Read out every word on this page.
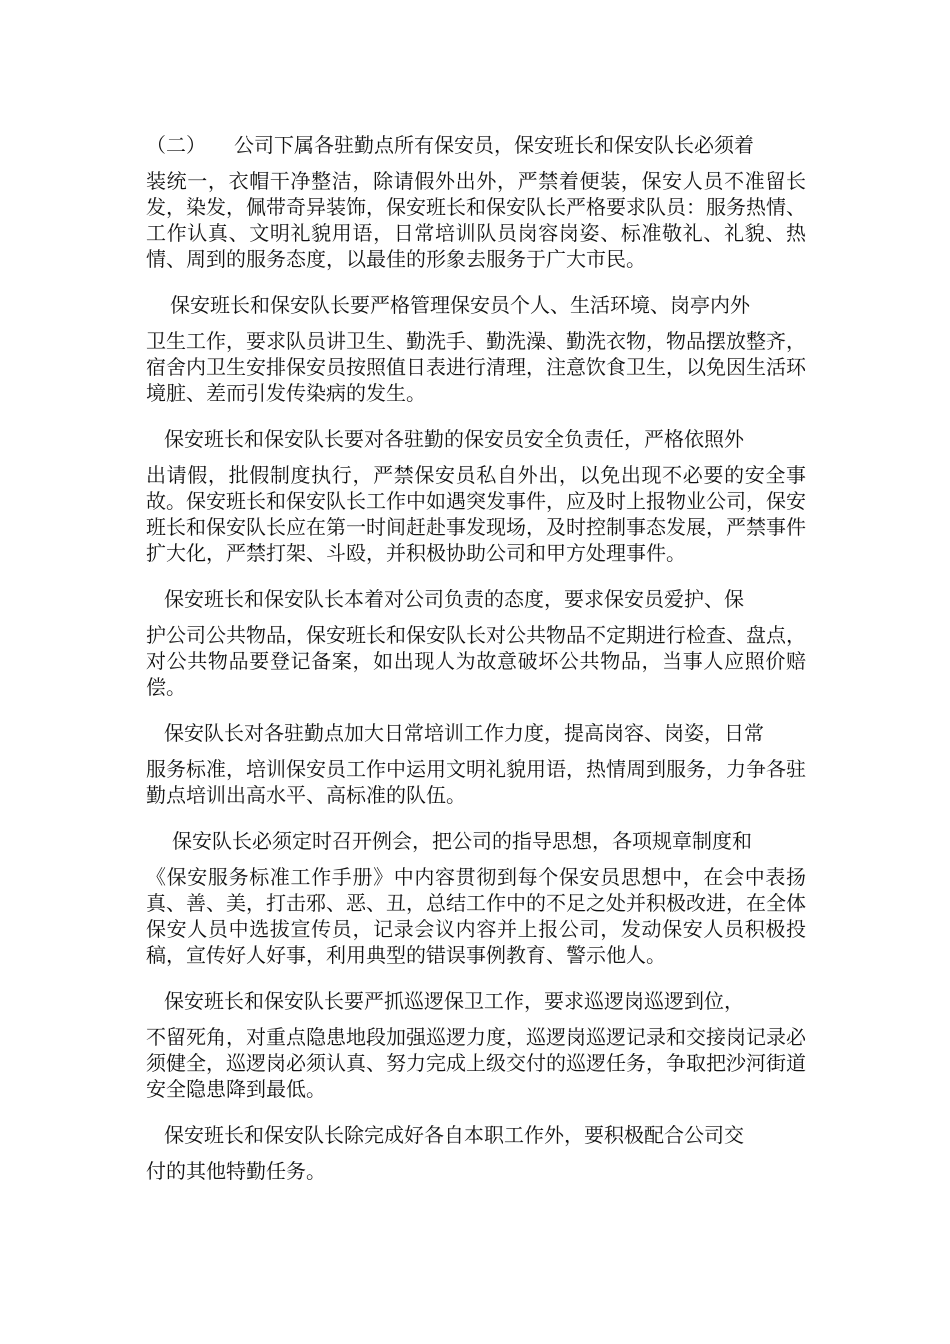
（二） 公司下属各驻勤点所有保安员，保安班长和保安队长必须着
装统一，衣帽干净整洁，除请假外出外，严禁着便装，保安人员不准留长发，染发，佩带奇异装饰，保安班长和保安队长严格要求队员：服务热情、工作认真、文明礼貌用语，日常培训队员岗容岗姿、标准敬礼、礼貌、热情、周到的服务态度，以最佳的形象去服务于广大市民。

保安班长和保安队长要严格管理保安员个人、生活环境、岗亭内外
卫生工作，要求队员讲卫生、勤洗手、勤洗澡、勤洗衣物，物品摆放整齐，宿舍内卫生安排保安员按照值日表进行清理，注意饮食卫生，以免因生活环境脏、差而引发传染病的发生。

保安班长和保安队长要对各驻勤的保安员安全负责任，严格依照外
出请假，批假制度执行，严禁保安员私自外出，以免出现不必要的安全事故。保安班长和保安队长工作中如遇突发事件，应及时上报物业公司，保安班长和保安队长应在第一时间赶赴事发现场，及时控制事态发展，严禁事件扩大化，严禁打架、斗殴，并积极协助公司和甲方处理事件。

保安班长和保安队长本着对公司负责的态度，要求保安员爱护、保
护公司公共物品，保安班长和保安队长对公共物品不定期进行检查、盘点，对公共物品要登记备案，如出现人为故意破坏公共物品，当事人应照价赔偿。

保安队长对各驻勤点加大日常培训工作力度，提高岗容、岗姿，日常
服务标准，培训保安员工作中运用文明礼貌用语，热情周到服务，力争各驻勤点培训出高水平、高标准的队伍。

保安队长必须定时召开例会，把公司的指导思想，各项规章制度和
《保安服务标准工作手册》中内容贯彻到每个保安员思想中，在会中表扬真、善、美，打击邪、恶、丑，总结工作中的不足之处并积极改进，在全体保安人员中选拔宣传员，记录会议内容并上报公司，发动保安人员积极投稿，宣传好人好事，利用典型的错误事例教育、警示他人。

保安班长和保安队长要严抓巡逻保卫工作，要求巡逻岗巡逻到位，
不留死角，对重点隐患地段加强巡逻力度，巡逻岗巡逻记录和交接岗记录必须健全，巡逻岗必须认真、努力完成上级交付的巡逻任务，争取把沙河街道安全隐患降到最低。

保安班长和保安队长除完成好各自本职工作外，要积极配合公司交
付的其他特勤任务。
